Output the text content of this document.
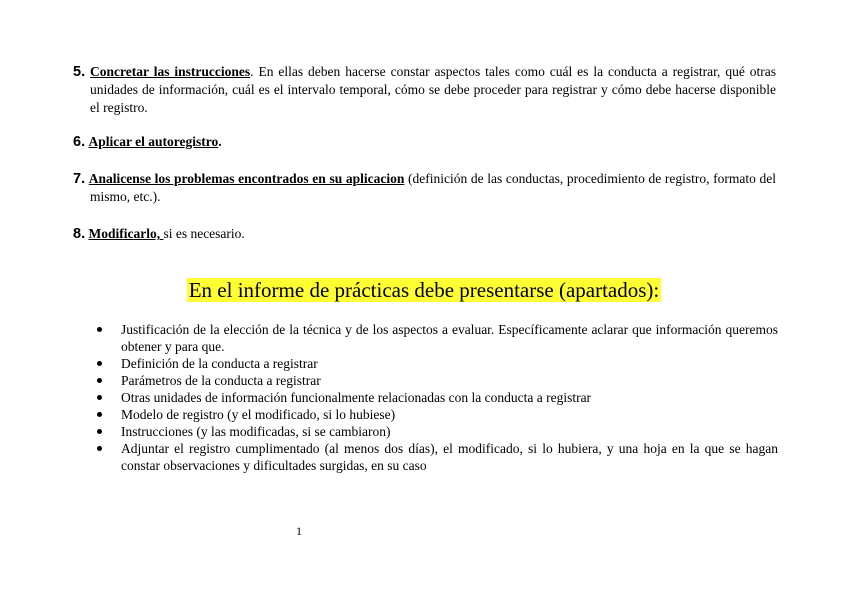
5. Concretar las instrucciones. En ellas deben hacerse constar aspectos tales como cuál es la conducta a registrar, qué otras unidades de información, cuál es el intervalo temporal, cómo se debe proceder para registrar y cómo debe hacerse disponible el registro.

6. Aplicar el autoregistro.

7. Analicense los problemas encontrados en su aplicacion (definición de las conductas, procedimiento de registro, formato del mismo, etc.).

8. Modificarlo, si es necesario.

En el informe de prácticas debe presentarse (apartados):
Justificación de la elección de la técnica y de los aspectos a evaluar. Específicamente aclarar que información queremos obtener y para que.
Definición de la conducta a registrar
Parámetros de la conducta a registrar
Otras unidades de información funcionalmente relacionadas con la conducta a registrar
Modelo de registro (y el modificado, si lo hubiese)
Instrucciones (y las modificadas, si se cambiaron)
Adjuntar el registro cumplimentado (al menos dos días), el modificado, si lo hubiera, y una hoja en la que se hagan constar observaciones y dificultades surgidas, en su caso
1
